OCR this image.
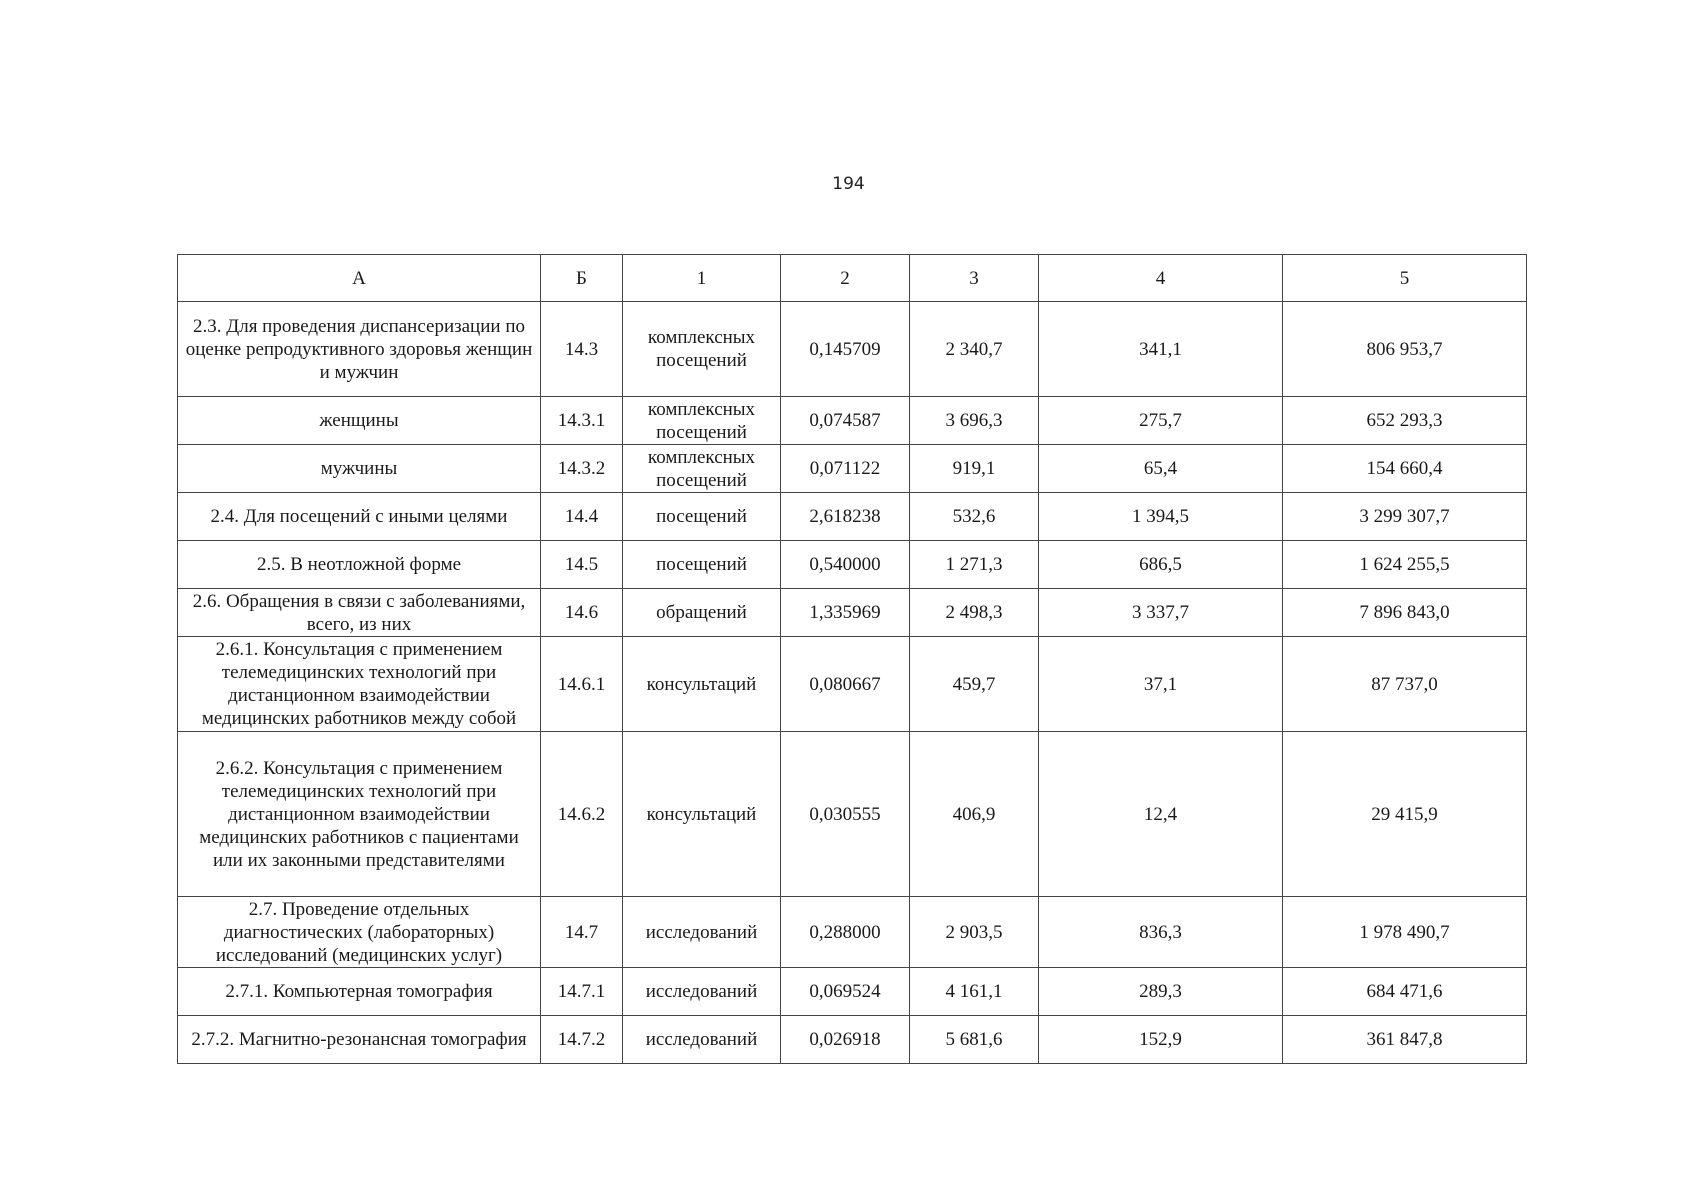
194
А	Б	1	2	3	4	5
2.3. Для проведения диспансеризации по оценке репродуктивного здоровья женщин и мужчин	14.3	комплексных посещений	0,145709	2 340,7	341,1	806 953,7
женщины	14.3.1	комплексных посещений	0,074587	3 696,3	275,7	652 293,3
мужчины	14.3.2	комплексных посещений	0,071122	919,1	65,4	154 660,4
2.4. Для посещений с иными целями	14.4	посещений	2,618238	532,6	1 394,5	3 299 307,7
2.5. В неотложной форме	14.5	посещений	0,540000	1 271,3	686,5	1 624 255,5
2.6. Обращения в связи с заболеваниями, всего, из них	14.6	обращений	1,335969	2 498,3	3 337,7	7 896 843,0
2.6.1. Консультация с применением телемедицинских технологий при дистанционном взаимодействии медицинских работников между собой	14.6.1	консультаций	0,080667	459,7	37,1	87 737,0
2.6.2. Консультация с применением телемедицинских технологий при дистанционном взаимодействии медицинских работников с пациентами или их законными представителями	14.6.2	консультаций	0,030555	406,9	12,4	29 415,9
2.7. Проведение отдельных диагностических (лабораторных) исследований (медицинских услуг)	14.7	исследований	0,288000	2 903,5	836,3	1 978 490,7
2.7.1. Компьютерная томография	14.7.1	исследований	0,069524	4 161,1	289,3	684 471,6
2.7.2. Магнитно-резонансная томография	14.7.2	исследований	0,026918	5 681,6	152,9	361 847,8
